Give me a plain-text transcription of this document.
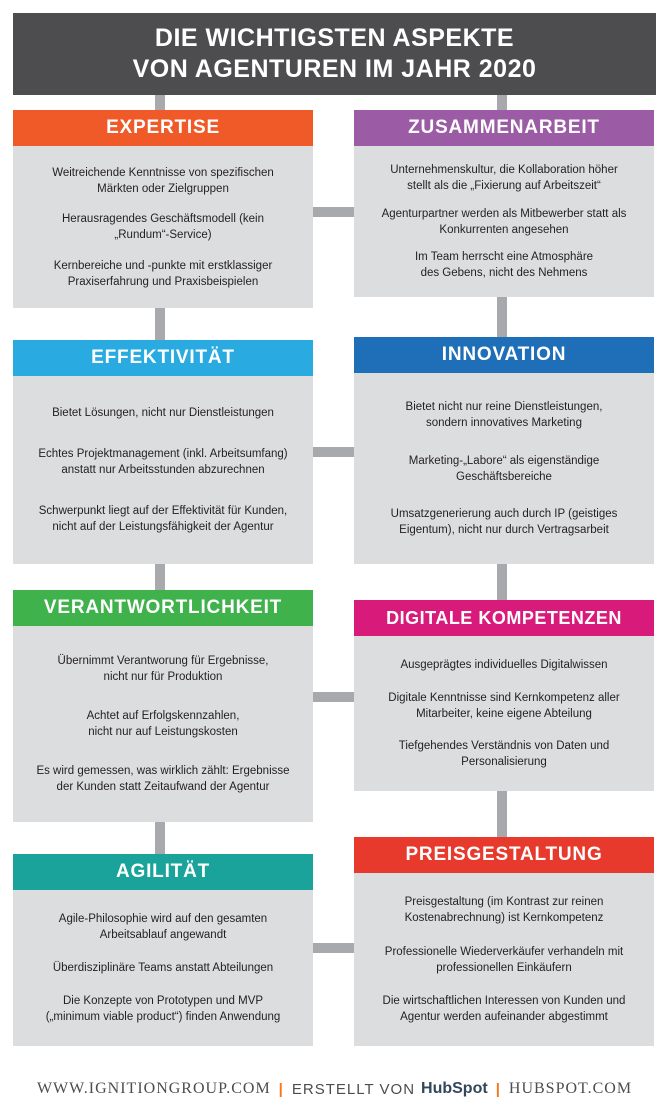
DIE WICHTIGSTEN ASPEKTE
VON AGENTUREN IM JAHR 2020
EXPERTISE
Weitreichende Kenntnisse von spezifischen
Märkten oder Zielgruppen
Herausragendes Geschäftsmodell (kein
„Rundum“-Service)
Kernbereiche und -punkte mit erstklassiger
Praxiserfahrung und Praxisbeispielen
ZUSAMMENARBEIT
Unternehmenskultur, die Kollaboration höher
stellt als die „Fixierung auf Arbeitszeit“
Agenturpartner werden als Mitbewerber statt als
Konkurrenten angesehen
Im Team herrscht eine Atmosphäre
des Gebens, nicht des Nehmens
EFFEKTIVITÄT
Bietet Lösungen, nicht nur Dienstleistungen
Echtes Projektmanagement (inkl. Arbeitsumfang)
anstatt nur Arbeitsstunden abzurechnen
Schwerpunkt liegt auf der Effektivität für Kunden,
nicht auf der Leistungsfähigkeit der Agentur
INNOVATION
Bietet nicht nur reine Dienstleistungen,
sondern innovatives Marketing
Marketing-„Labore“ als eigenständige
Geschäftsbereiche
Umsatzgenerierung auch durch IP (geistiges
Eigentum), nicht nur durch Vertragsarbeit
VERANTWORTLICHKEIT
Übernimmt Verantworung für Ergebnisse,
nicht nur für Produktion
Achtet auf Erfolgskennzahlen,
nicht nur auf Leistungskosten
Es wird gemessen, was wirklich zählt: Ergebnisse
der Kunden statt Zeitaufwand der Agentur
DIGITALE KOMPETENZEN
Ausgeprägtes individuelles Digitalwissen
Digitale Kenntnisse sind Kernkompetenz aller
Mitarbeiter, keine eigene Abteilung
Tiefgehendes Verständnis von Daten und
Personalisierung
AGILITÄT
Agile-Philosophie wird auf den gesamten
Arbeitsablauf angewandt
Überdisziplinäre Teams anstatt Abteilungen
Die Konzepte von Prototypen und MVP
(„minimum viable product“) finden Anwendung
PREISGESTALTUNG
Preisgestaltung (im Kontrast zur reinen
Kostenabrechnung) ist Kernkompetenz
Professionelle Wiederverkäufer verhandeln mit
professionellen Einkäufern
Die wirtschaftlichen Interessen von Kunden und
Agentur werden aufeinander abgestimmt
WWW.IGNITIONGROUP.COM | ERSTELLT VON HubSpot | HUBSPOT.COM
